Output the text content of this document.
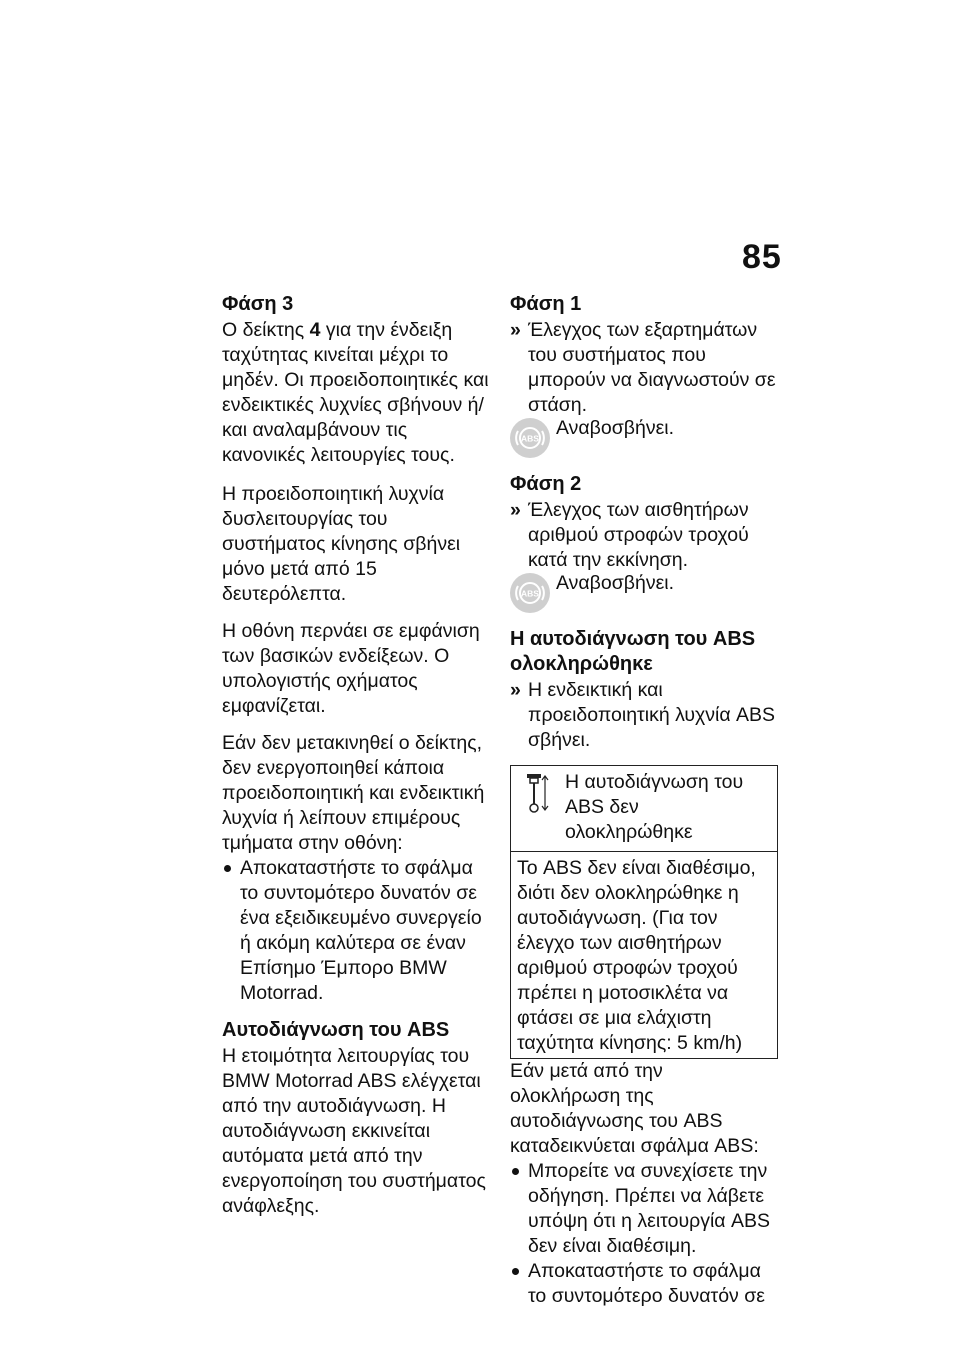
85
Φάση 3

Ο δείκτης 4 για την ένδειξη ταχύτητας κινείται μέχρι το μηδέν. Οι προειδοποιητικές και ενδεικτικές λυχνίες σβήνουν ή/και αναλαμβάνουν τις κανονικές λειτουργίες τους.

Η προειδοποιητική λυχνία δυσλειτουργίας του συστήματος κίνησης σβήνει μόνο μετά από 15 δευτερόλεπτα.

Η οθόνη περνάει σε εμφάνιση των βασικών ενδείξεων. Ο υπολογιστής οχήματος εμφανίζεται.

Εάν δεν μετακινηθεί ο δείκτης, δεν ενεργοποιηθεί κάποια προειδοποιητική και ενδεικτική λυχνία ή λείπουν επιμέρους τμήματα στην οθόνη:

Αποκαταστήστε το σφάλμα το συντομότερο δυνατόν σε ένα εξειδικευμένο συνεργείο ή ακόμη καλύτερα σε έναν Επίσημο Έμπορο BMW Motorrad.
Αυτοδιάγνωση του ABS

Η ετοιμότητα λειτουργίας του BMW Motorrad ABS ελέγχεται από την αυτοδιάγνωση. Η αυτοδιάγνωση εκκινείται αυτόματα μετά από την ενεργοποίηση του συστήματος ανάφλεξης.

Φάση 1
» Έλεγχος των εξαρτημάτων του συστήματος που μπορούν να διαγνωστούν σε στάση.
ABS Αναβοσβήνει.
Φάση 2
» Έλεγχος των αισθητήρων αριθμού στροφών τροχού κατά την εκκίνηση.
ABS Αναβοσβήνει.
Η αυτοδιάγνωση του ABS ολοκληρώθηκε
» Η ενδεικτική και προειδοποιητική λυχνία ABS σβήνει.
Η αυτοδιάγνωση του ABS δεν ολοκληρώθηκε
Το ABS δεν είναι διαθέσιμο, διότι δεν ολοκληρώθηκε η αυτοδιάγνωση. (Για τον έλεγχο των αισθητήρων αριθμού στροφών τροχού πρέπει η μοτοσικλέτα να φτάσει σε μια ελάχιστη ταχύτητα κίνησης: 5 km/h)

Εάν μετά από την ολοκλήρωση της αυτοδιάγνωσης του ABS καταδεικνύεται σφάλμα ABS:

Μπορείτε να συνεχίσετε την οδήγηση. Πρέπει να λάβετε υπόψη ότι η λειτουργία ABS δεν είναι διαθέσιμη.
Αποκαταστήστε το σφάλμα το συντομότερο δυνατόν σε
